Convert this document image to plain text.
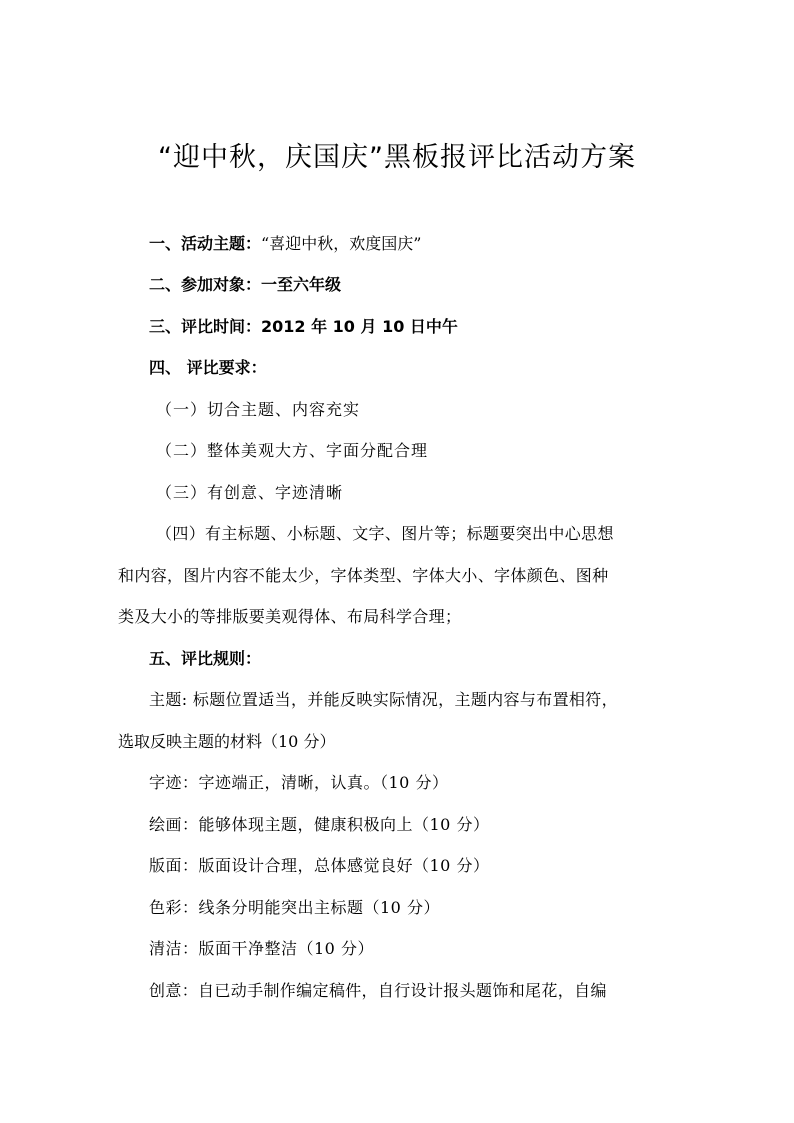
“迎中秋，庆国庆”黑板报评比活动方案
一、活动主题：“喜迎中秋，欢度国庆”
二、参加对象：一至六年级
三、评比时间：2012 年 10 月 10 日中午
四、 评比要求：
（一）切合主题、内容充实
（二）整体美观大方、字面分配合理
（三）有创意、字迹清晰
（四）有主标题、小标题、文字、图片等；标题要突出中心思想
和内容，图片内容不能太少，字体类型、字体大小、字体颜色、图种
类及大小的等排版要美观得体、布局科学合理；
五、评比规则：
主题: 标题位置适当，并能反映实际情况，主题内容与布置相符，
选取反映主题的材料（10 分）
字迹：字迹端正，清晰，认真。（10 分）
绘画：能够体现主题，健康积极向上（10 分）
版面：版面设计合理，总体感觉良好（10 分）
色彩：线条分明能突出主标题（10 分）
清洁：版面干净整洁（10 分）
创意：自已动手制作编定稿件，自行设计报头题饰和尾花，自编
